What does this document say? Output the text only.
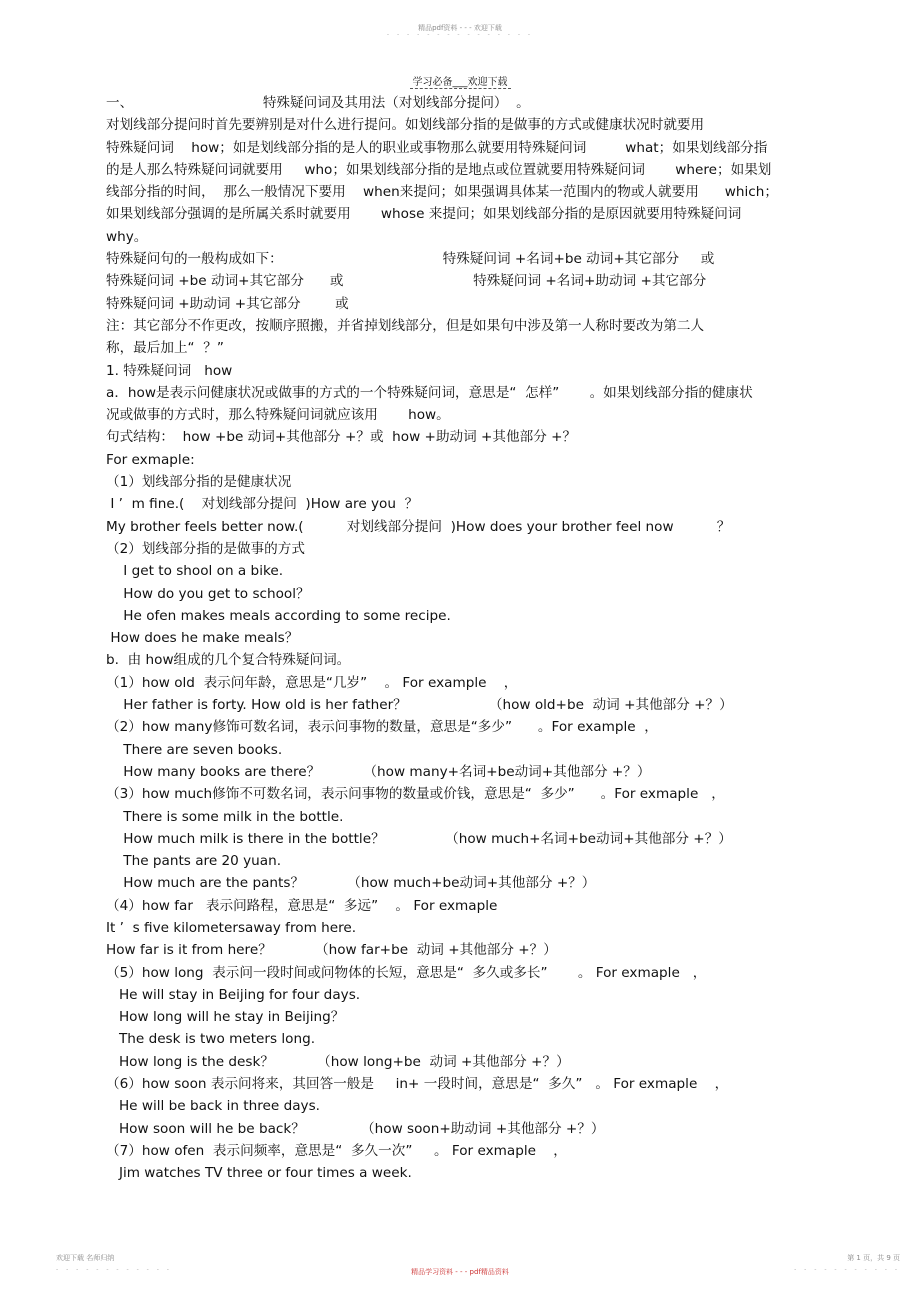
精品pdf资料 - - - 欢迎下载
- - - - - - - - - - - - - - -
学习必备___欢迎下载
一、                              特殊疑问词及其用法（对划线部分提问）  。
对划线部分提问时首先要辨别是对什么进行提问。如划线部分指的是做事的方式或健康状况时就要用
特殊疑问词    how；如是划线部分指的是人的职业或事物那么就要用特殊疑问词         what；如果划线部分指
的是人那么特殊疑问词就要用     who；如果划线部分指的是地点或位置就要用特殊疑问词       where；如果划
线部分指的时间，  那么一般情况下要用    when来提问；如果强调具体某一范围内的物或人就要用      which；
如果划线部分强调的是所属关系时就要用       whose 来提问；如果划线部分指的是原因就要用特殊疑问词
why。
特殊疑问句的一般构成如下：                                     特殊疑问词 +名词+be 动词+其它部分     或
特殊疑问词 +be 动词+其它部分      或                              特殊疑问词 +名词+助动词 +其它部分
特殊疑问词 +助动词 +其它部分        或
注：其它部分不作更改，按顺序照搬，并省掉划线部分，但是如果句中涉及第一人称时要改为第二人
称，最后加上“  ？”
1. 特殊疑问词   how
a．how是表示问健康状况或做事的方式的一个特殊疑问词，意思是“  怎样”       。如果划线部分指的健康状
况或做事的方式时，那么特殊疑问词就应该用       how。
句式结构：  how +be 动词+其他部分 +？或  how +助动词 +其他部分 +？
For exmaple:
（1）划线部分指的是健康状况
I ’  m fine.(    对划线部分提问  )How are you  ？
My brother feels better now.(          对划线部分提问  )How does your brother feel now          ？
（2）划线部分指的是做事的方式
I get to shool on a bike.
How do you get to school？
He ofen makes meals according to some recipe.
How does he make meals？
b.  由 how组成的几个复合特殊疑问词。
（1）how old  表示问年龄，意思是“几岁”    。 For example    ，
Her father is forty. How old is her father？                   （how old+be  动词 +其他部分 +？）
（2）how many修饰可数名词，表示问事物的数量，意思是“多少”      。For example  ，
There are seven books.
How many books are there？          （how many+名词+be动词+其他部分 +？）
（3）how much修饰不可数名词，表示问事物的数量或价钱，意思是“  多少”      。For exmaple   ，
There is some milk in the bottle.
How much milk is there in the bottle？              （how much+名词+be动词+其他部分 +？）
The pants are 20 yuan.
How much are the pants？          （how much+be动词+其他部分 +？）
（4）how far   表示问路程，意思是“  多远”    。 For exmaple
It ’  s five kilometersaway from here.
How far is it from here？          （how far+be  动词 +其他部分 +？）
（5）how long  表示问一段时间或问物体的长短，意思是“  多久或多长”       。 For exmaple   ，
He will stay in Beijing for four days.
How long will he stay in Beijing？
The desk is two meters long.
How long is the desk？          （how long+be  动词 +其他部分 +？）
（6）how soon 表示问将来，其回答一般是     in+ 一段时间，意思是“  多久”   。 For exmaple    ，
He will be back in three days.
How soon will he be back？             （how soon+助动词 +其他部分 +？）
（7）how ofen  表示问频率，意思是“  多久一次”     。 For exmaple    ，
Jim watches TV three or four times a week.
欢迎下载 名师归纳
- - - - - - - - - - - -	精品学习资料 - - - pdf精品资料
第 1 页，共 9 页
- - - - - - - - - - -
